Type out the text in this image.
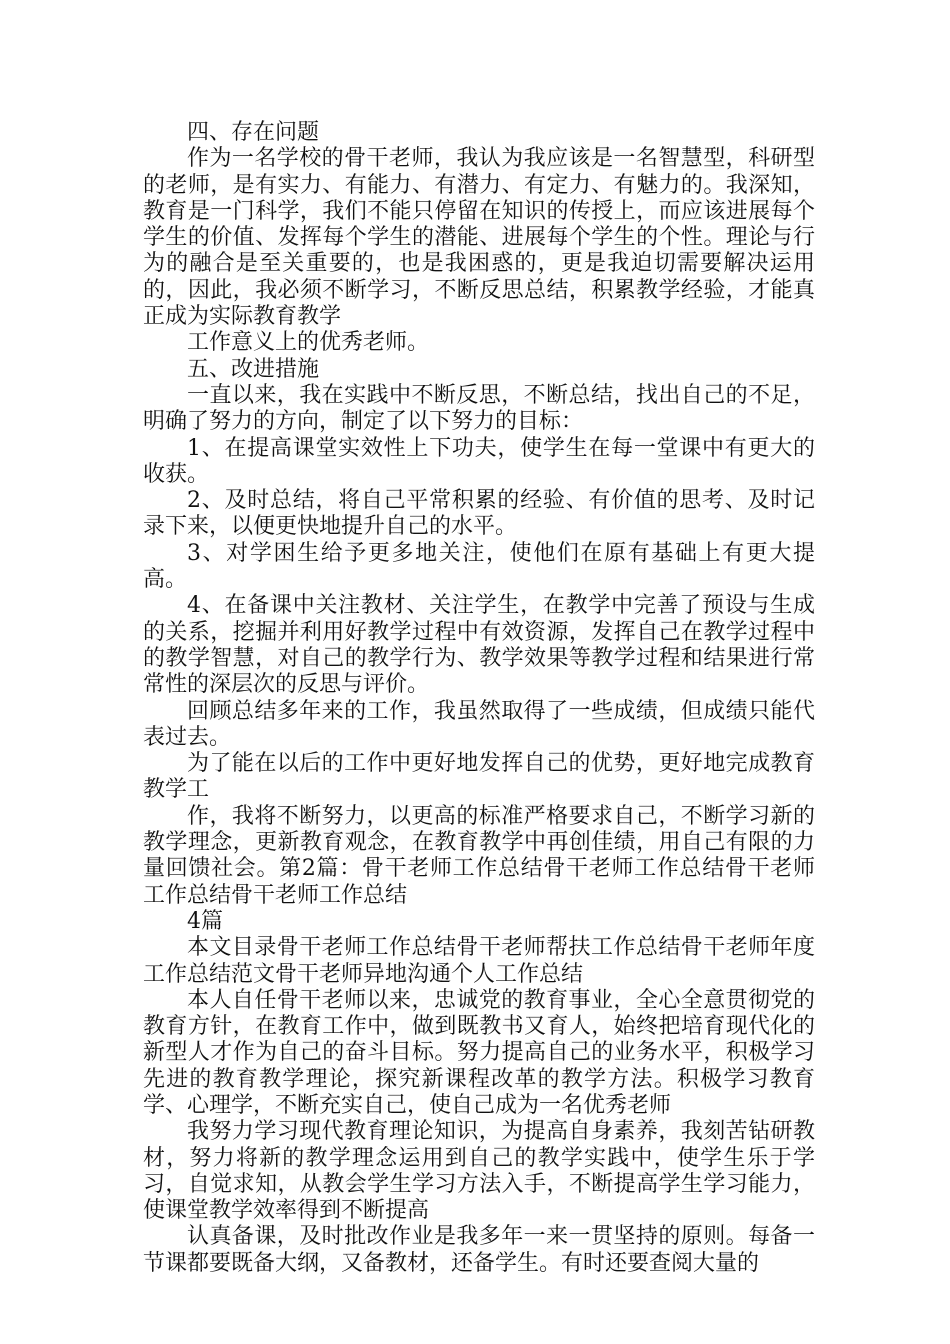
四、存在问题

作为一名学校的骨干老师，我认为我应该是一名智慧型，科研型的老师，是有实力、有能力、有潜力、有定力、有魅力的。我深知，教育是一门科学，我们不能只停留在知识的传授上，而应该进展每个学生的价值、发挥每个学生的潜能、进展每个学生的个性。理论与行为的融合是至关重要的，也是我困惑的，更是我迫切需要解决运用的，因此，我必须不断学习，不断反思总结，积累教学经验，才能真正成为实际教育教学

工作意义上的优秀老师。

五、改进措施

一直以来，我在实践中不断反思，不断总结，找出自己的不足，明确了努力的方向，制定了以下努力的目标：

1、在提高课堂实效性上下功夫，使学生在每一堂课中有更大的收获。

2、及时总结，将自己平常积累的经验、有价值的思考、及时记录下来，以便更快地提升自己的水平。

3、对学困生给予更多地关注，使他们在原有基础上有更大提高。

4、在备课中关注教材、关注学生，在教学中完善了预设与生成的关系，挖掘并利用好教学过程中有效资源，发挥自己在教学过程中的教学智慧，对自己的教学行为、教学效果等教学过程和结果进行常常性的深层次的反思与评价。

回顾总结多年来的工作，我虽然取得了一些成绩，但成绩只能代表过去。

为了能在以后的工作中更好地发挥自己的优势，更好地完成教育教学工

作，我将不断努力，以更高的标准严格要求自己，不断学习新的教学理念，更新教育观念，在教育教学中再创佳绩，用自己有限的力量回馈社会。第2篇：骨干老师工作总结骨干老师工作总结骨干老师工作总结骨干老师工作总结

4篇

本文目录骨干老师工作总结骨干老师帮扶工作总结骨干老师年度工作总结范文骨干老师异地沟通个人工作总结

本人自任骨干老师以来，忠诚党的教育事业，全心全意贯彻党的教育方针，在教育工作中，做到既教书又育人，始终把培育现代化的新型人才作为自己的奋斗目标。努力提高自己的业务水平，积极学习先进的教育教学理论，探究新课程改革的教学方法。积极学习教育学、心理学，不断充实自己，使自己成为一名优秀老师

我努力学习现代教育理论知识，为提高自身素养，我刻苦钻研教材，努力将新的教学理念运用到自己的教学实践中，使学生乐于学习，自觉求知，从教会学生学习方法入手，不断提高学生学习能力，使课堂教学效率得到不断提高

认真备课，及时批改作业是我多年一来一贯坚持的原则。每备一节课都要既备大纲，又备教材，还备学生。有时还要查阅大量的
